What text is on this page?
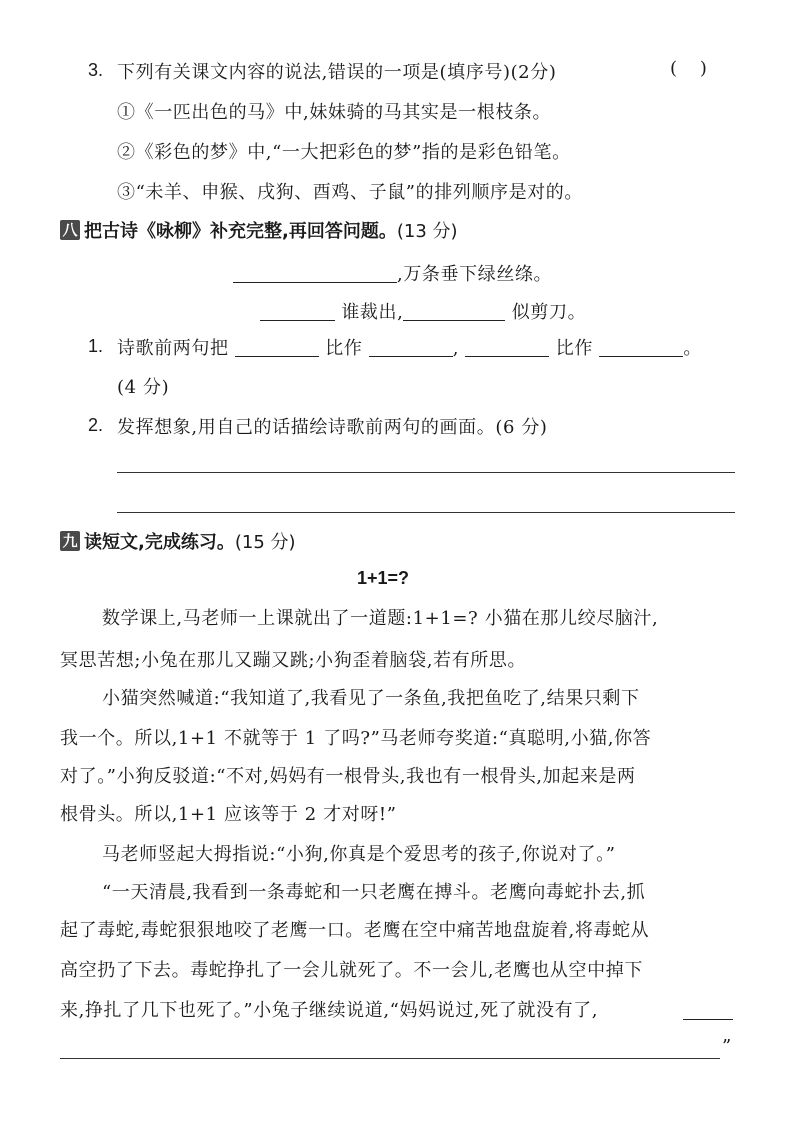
3. 下列有关课文内容的说法,错误的一项是(填序号)(2分)	(    )
①《一匹出色的马》中,妹妹骑的马其实是一根枝条。
②《彩色的梦》中,“一大把彩色的梦”指的是彩色铅笔。
③“未羊、申猴、戌狗、酉鸡、子鼠”的排列顺序是对的。
八 把古诗《咏柳》补充完整,再回答问题。(13 分)
,万条垂下绿丝绦。
谁裁出,	似剪刀。
1. 诗歌前两句把	比作	,	比作	。
(4 分)
2. 发挥想象,用自己的话描绘诗歌前两句的画面。(6 分)
九 读短文,完成练习。(15 分)
1+1=?
数学课上,马老师一上课就出了一道题:1+1=? 小猫在那儿绞尽脑汁,
冥思苦想;小兔在那儿又蹦又跳;小狗歪着脑袋,若有所思。
小猫突然喊道:“我知道了,我看见了一条鱼,我把鱼吃了,结果只剩下
我一个。所以,1+1 不就等于 1 了吗?”马老师夸奖道:“真聪明,小猫,你答
对了。”小狗反驳道:“不对,妈妈有一根骨头,我也有一根骨头,加起来是两
根骨头。所以,1+1 应该等于 2 才对呀!”
马老师竖起大拇指说:“小狗,你真是个爱思考的孩子,你说对了。”
“一天清晨,我看到一条毒蛇和一只老鹰在搏斗。老鹰向毒蛇扑去,抓
起了毒蛇,毒蛇狠狠地咬了老鹰一口。老鹰在空中痛苦地盘旋着,将毒蛇从
高空扔了下去。毒蛇挣扎了一会儿就死了。不一会儿,老鹰也从空中掉下
来,挣扎了几下也死了。”小兔子继续说道,“妈妈说过,死了就没有了,
”
